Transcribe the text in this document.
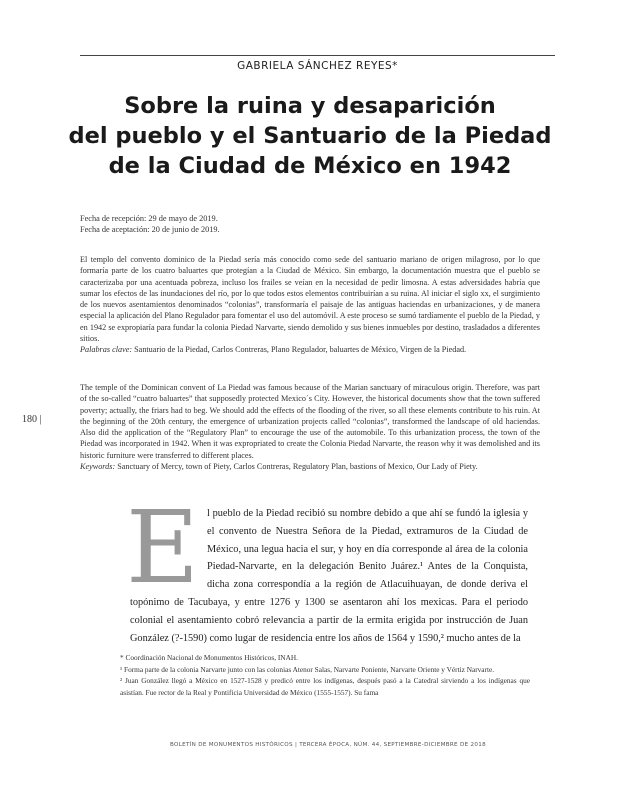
GABRIELA SÁNCHEZ REYES*
Sobre la ruina y desaparición
del pueblo y el Santuario de la Piedad
de la Ciudad de México en 1942
Fecha de recepción: 29 de mayo de 2019.
Fecha de aceptación: 20 de junio de 2019.

El templo del convento dominico de la Piedad sería más conocido como sede del santuario mariano de origen milagroso, por lo que formaría parte de los cuatro baluartes que protegían a la Ciudad de México. Sin embargo, la documentación muestra que el pueblo se caracterizaba por una acentuada pobreza, incluso los frailes se veían en la necesidad de pedir limosna. A estas adversidades habría que sumar los efectos de las inundaciones del río, por lo que todos estos elementos contribuirían a su ruina. Al iniciar el siglo xx, el surgimiento de los nuevos asentamientos denominados “colonias”, transformaría el paisaje de las antiguas haciendas en urbanizaciones, y de manera especial la aplicación del Plano Regulador para fomentar el uso del automóvil. A este proceso se sumó tardíamente el pueblo de la Piedad, y en 1942 se expropiaría para fundar la colonia Piedad Narvarte, siendo demolido y sus bienes inmuebles por destino, trasladados a diferentes sitios.

Palabras clave: Santuario de la Piedad, Carlos Contreras, Plano Regulador, baluartes de México, Virgen de la Piedad.

180 |

The temple of the Dominican convent of La Piedad was famous because of the Marian sanctuary of miraculous origin. Therefore, was part of the so-called “cuatro baluartes” that supposedly protected Mexico´s City. However, the historical documents show that the town suffered poverty; actually, the friars had to beg. We should add the effects of the flooding of the river, so all these elements contribute to his ruin. At the beginning of the 20th century, the emergence of urbanization projects called “colonias”, transformed the landscape of old haciendas. Also did the application of the “Regulatory Plan” to encourage the use of the automobile. To this urbanization process, the town of the Piedad was incorporated in 1942. When it was expropriated to create the Colonia Piedad Narvarte, the reason why it was demolished and its historic furniture were transferred to different places.

Keywords: Sanctuary of Mercy, town of Piety, Carlos Contreras, Regulatory Plan, bastions of Mexico, Our Lady of Piety.

E l pueblo de la Piedad recibió su nombre debido a que ahí se fundó la iglesia y el convento de Nuestra Señora de la Piedad, extramuros de la Ciudad de México, una legua hacia el sur, y hoy en día corresponde al área de la colonia Piedad-Narvarte, en la delegación Benito Juárez.¹ Antes de la Conquista, dicha zona correspondía a la región de Atlacuihuayan, de donde deriva el topónimo de Tacubaya, y entre 1276 y 1300 se asentaron ahí los mexicas. Para el periodo colonial el asentamiento cobró relevancia a partir de la ermita erigida por instrucción de Juan González (?-1590) como lugar de residencia entre los años de 1564 y 1590,² mucho antes de la

* Coordinación Nacional de Monumentos Históricos, INAH.

¹ Forma parte de la colonia Narvarte junto con las colonias Atenor Salas, Narvarte Poniente, Narvarte Oriente y Vértiz Narvarte.

² Juan González llegó a México en 1527-1528 y predicó entre los indígenas, después pasó a la Catedral sirviendo a los indígenas que asistían. Fue rector de la Real y Pontificia Universidad de México (1555-1557). Su fama

BOLETÍN DE MONUMENTOS HISTÓRICOS | TERCERA ÉPOCA, NÚM. 44, SEPTIEMBRE-DICIEMBRE DE 2018
